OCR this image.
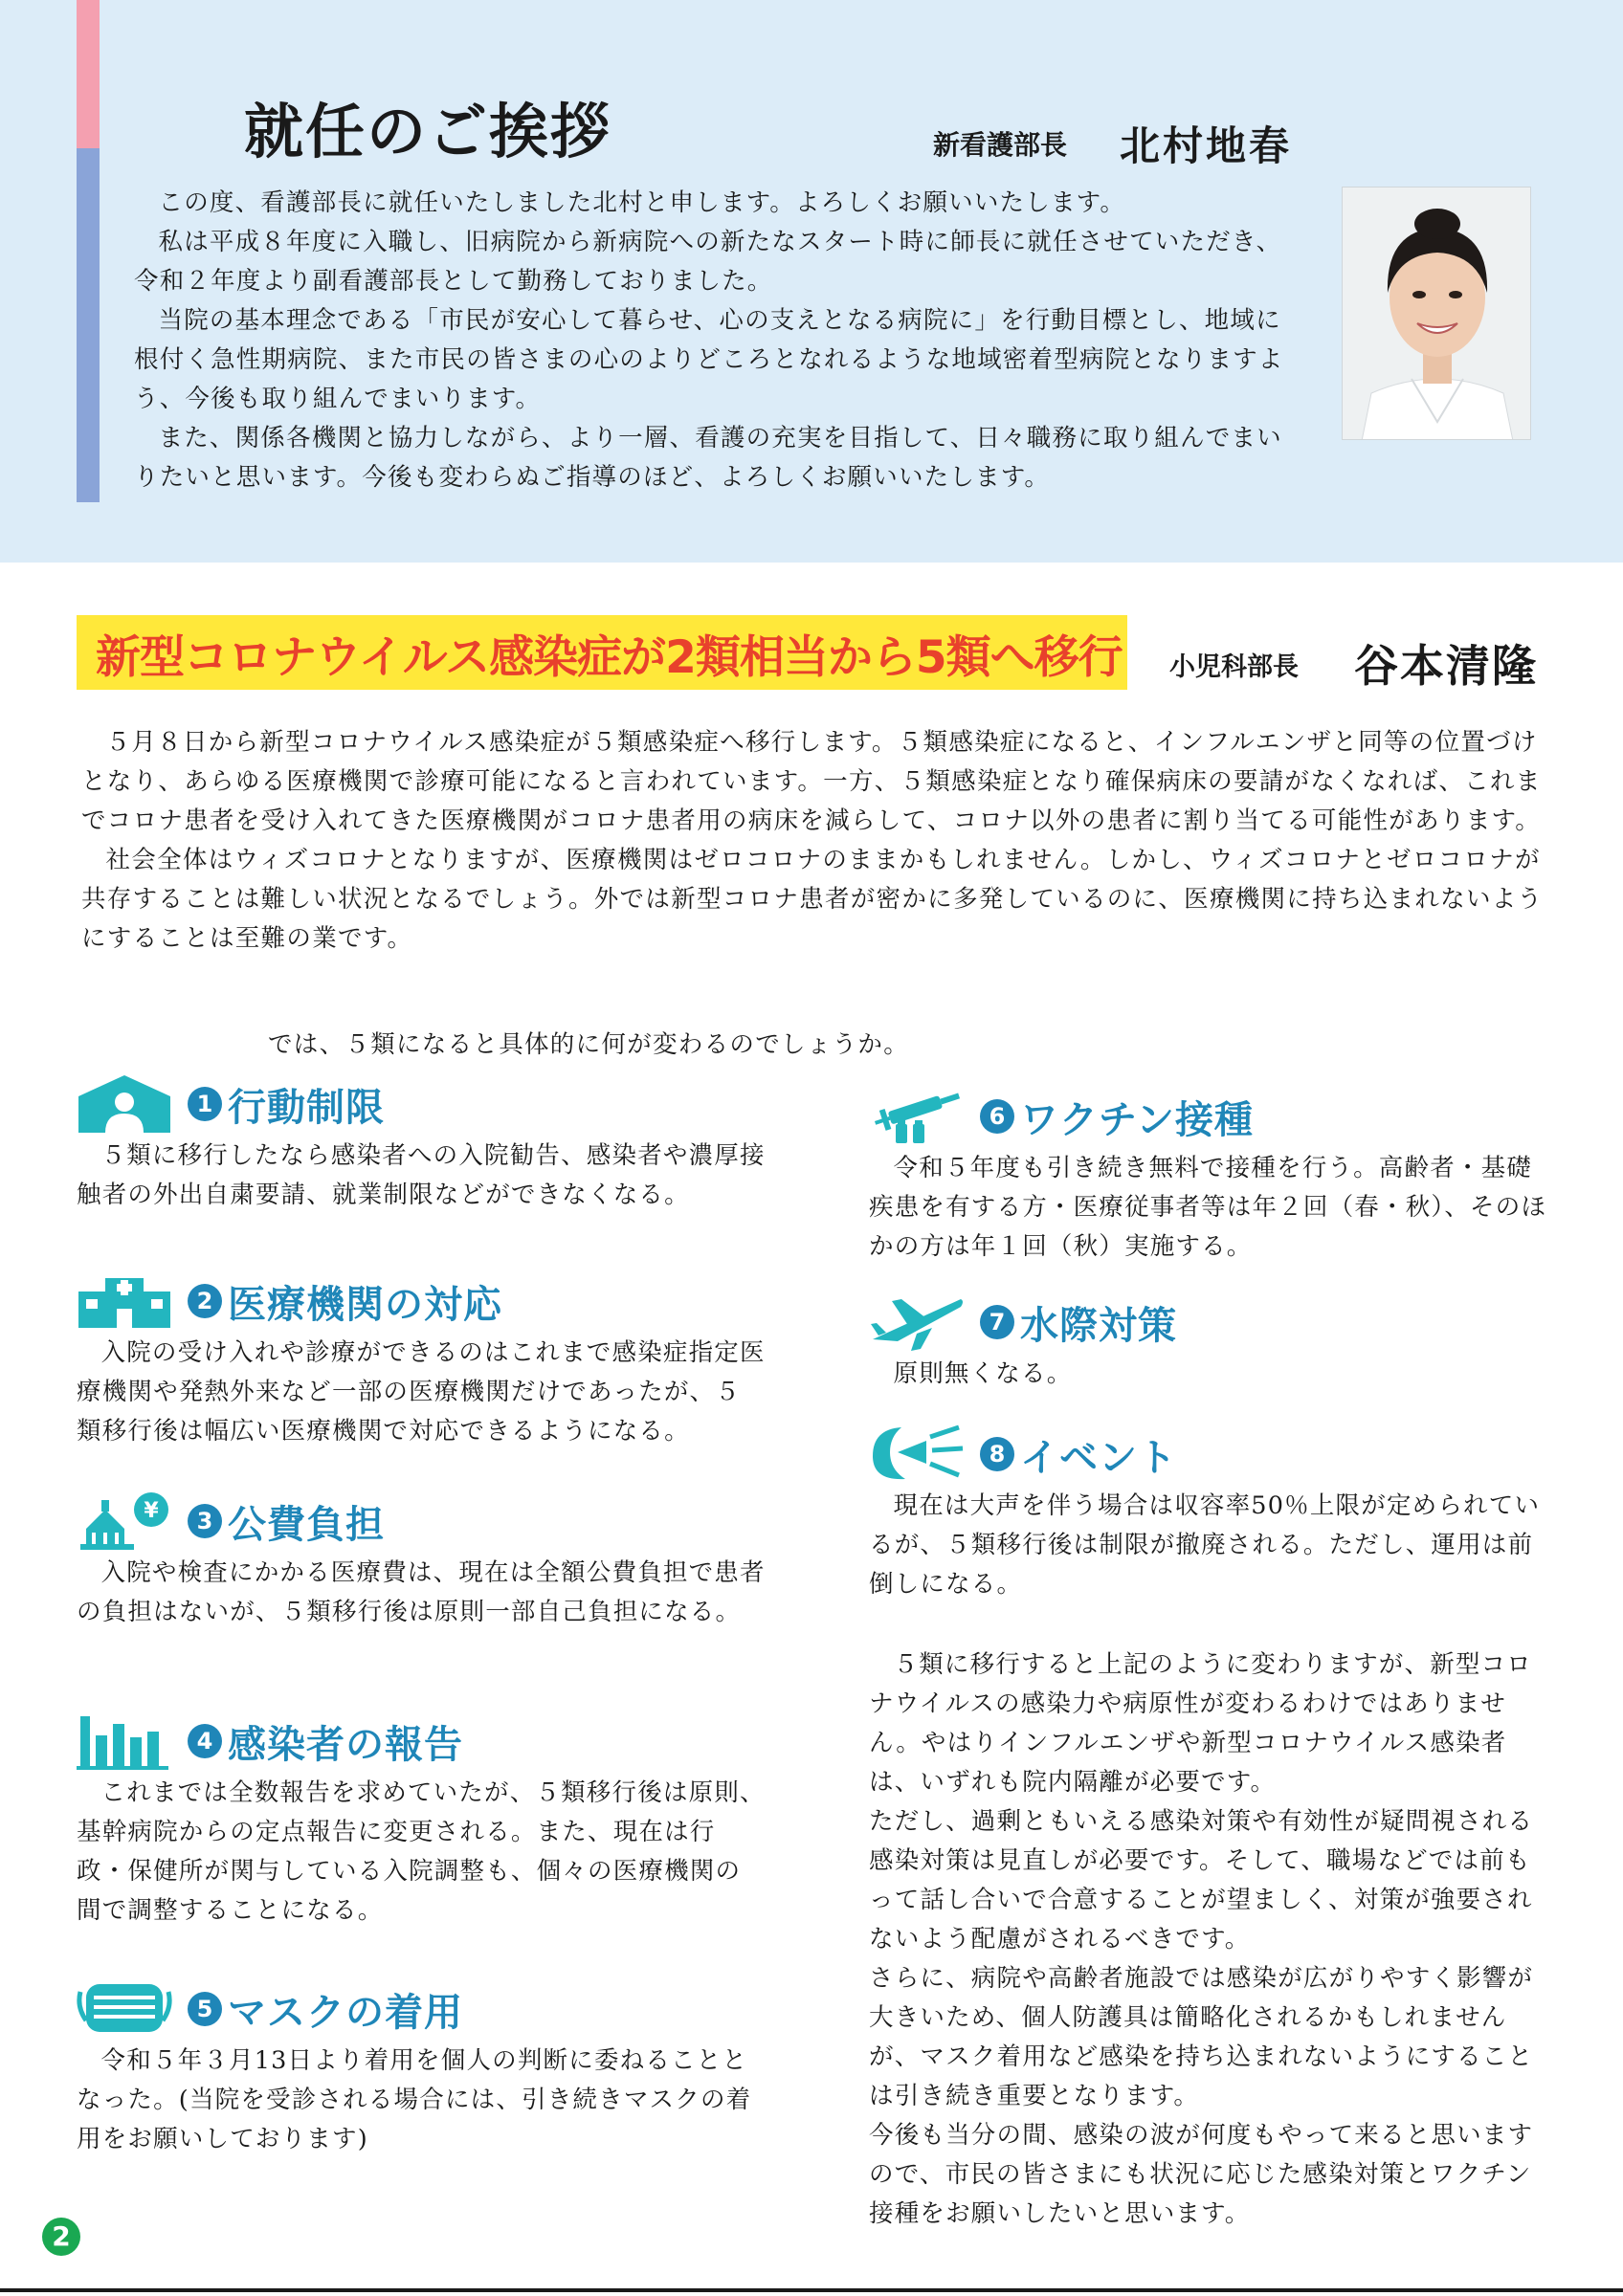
就任のご挨拶	新看護部長 北村地春

この度、看護部長に就任いたしました北村と申します。よろしくお願いいたします。

私は平成８年度に入職し、旧病院から新病院への新たなスタート時に師長に就任させていただき、令和２年度より副看護部長として勤務しておりました。

当院の基本理念である「市民が安心して暮らせ、心の支えとなる病院に」を行動目標とし、地域に根付く急性期病院、また市民の皆さまの心のよりどころとなれるような地域密着型病院となりますよう、今後も取り組んでまいります。

また、関係各機関と協力しながら、より一層、看護の充実を目指して、日々職務に取り組んでまいりたいと思います。今後も変わらぬご指導のほど、よろしくお願いいたします。

新型コロナウイルス感染症が2類相当から5類へ移行 小児科部長 谷本清隆

５月８日から新型コロナウイルス感染症が５類感染症へ移行します。５類感染症になると、インフルエンザと同等の位置づけとなり、あらゆる医療機関で診療可能になると言われています。一方、５類感染症となり確保病床の要請がなくなれば、これまでコロナ患者を受け入れてきた医療機関がコロナ患者用の病床を減らして、コロナ以外の患者に割り当てる可能性があります。

社会全体はウィズコロナとなりますが、医療機関はゼロコロナのままかもしれません。しかし、ウィズコロナとゼロコロナが共存することは難しい状況となるでしょう。外では新型コロナ患者が密かに多発しているのに、医療機関に持ち込まれないようにすることは至難の業です。

では、５類になると具体的に何が変わるのでしょうか。
1 行動制限

５類に移行したなら感染者への入院勧告、感染者や濃厚接触者の外出自粛要請、就業制限などができなくなる。

2 医療機関の対応

入院の受け入れや診療ができるのはこれまで感染症指定医療機関や発熱外来など一部の医療機関だけであったが、５類移行後は幅広い医療機関で対応できるようになる。

¥	3 公費負担

入院や検査にかかる医療費は、現在は全額公費負担で患者の負担はないが、５類移行後は原則一部自己負担になる。

4 感染者の報告

これまでは全数報告を求めていたが、５類移行後は原則、基幹病院からの定点報告に変更される。また、現在は行政・保健所が関与している入院調整も、個々の医療機関の間で調整することになる。

5 マスクの着用

令和５年３月13日より着用を個人の判断に委ねることとなった。(当院を受診される場合には、引き続きマスクの着用をお願いしております)

6 ワクチン接種

令和５年度も引き続き無料で接種を行う。高齢者・基礎疾患を有する方・医療従事者等は年２回（春・秋）、そのほかの方は年１回（秋）実施する。

7 水際対策

原則無くなる。

8 イベント

現在は大声を伴う場合は収容率50％上限が定められているが、５類移行後は制限が撤廃される。ただし、運用は前倒しになる。

５類に移行すると上記のように変わりますが、新型コロナウイルスの感染力や病原性が変わるわけではありません。やはりインフルエンザや新型コロナウイルス感染者は、いずれも院内隔離が必要です。

ただし、過剰ともいえる感染対策や有効性が疑問視される感染対策は見直しが必要です。そして、職場などでは前もって話し合いで合意することが望ましく、対策が強要されないよう配慮がされるべきです。

さらに、病院や高齢者施設では感染が広がりやすく影響が大きいため、個人防護具は簡略化されるかもしれませんが、マスク着用など感染を持ち込まれないようにすることは引き続き重要となります。

今後も当分の間、感染の波が何度もやって来ると思いますので、市民の皆さまにも状況に応じた感染対策とワクチン接種をお願いしたいと思います。

2
